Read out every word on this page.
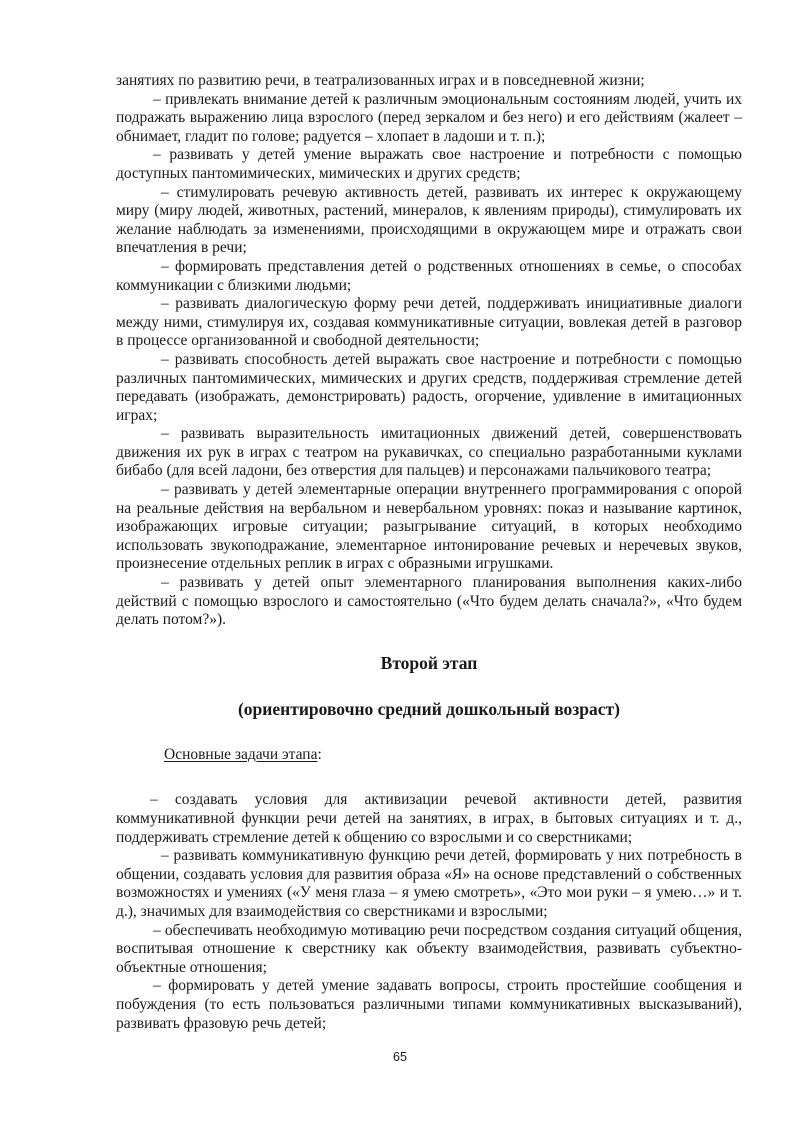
занятиях по развитию речи, в театрализованных играх и в повседневной жизни;

– привлекать внимание детей к различным эмоциональным состояниям людей, учить их подражать выражению лица взрослого (перед зеркалом и без него) и его действиям (жалеет – обнимает, гладит по голове; радуется – хлопает в ладоши и т. п.);

– развивать у детей умение выражать свое настроение и потребности с помощью доступных пантомимических, мимических и других средств;

– стимулировать речевую активность детей, развивать их интерес к окружающему миру (миру людей, животных, растений, минералов, к явлениям природы), стимулировать их желание наблюдать за изменениями, происходящими в окружающем мире и отражать свои впечатления в речи;

– формировать представления детей о родственных отношениях в семье, о способах коммуникации с близкими людьми;

– развивать диалогическую форму речи детей, поддерживать инициативные диалоги между ними, стимулируя их, создавая коммуникативные ситуации, вовлекая детей в разговор в процессе организованной и свободной деятельности;

– развивать способность детей выражать свое настроение и потребности с помощью различных пантомимических, мимических и других средств, поддерживая стремление детей передавать (изображать, демонстрировать) радость, огорчение, удивление в имитационных играх;

– развивать выразительность имитационных движений детей, совершенствовать движения их рук в играх с театром на рукавичках, со специально разработанными куклами бибабо (для всей ладони, без отверстия для пальцев) и персонажами пальчикового театра;

– развивать у детей элементарные операции внутреннего программирования с опорой на реальные действия на вербальном и невербальном уровнях: показ и называние картинок, изображающих игровые ситуации; разыгрывание ситуаций, в которых необходимо использовать звукоподражание, элементарное интонирование речевых и неречевых звуков, произнесение отдельных реплик в играх с образными игрушками.

– развивать у детей опыт элементарного планирования выполнения каких-либо действий с помощью взрослого и самостоятельно («Что будем делать сначала?», «Что будем делать потом?»).

Второй этап

(ориентировочно средний дошкольный возраст)

Основные задачи этапа:

– создавать условия для активизации речевой активности детей, развития коммуникативной функции речи детей на занятиях, в играх, в бытовых ситуациях и т. д., поддерживать стремление детей к общению со взрослыми и со сверстниками;

– развивать коммуникативную функцию речи детей, формировать у них потребность в общении, создавать условия для развития образа «Я» на основе представлений о собственных возможностях и умениях («У меня глаза – я умею смотреть», «Это мои руки – я умею…» и т. д.), значимых для взаимодействия со сверстниками и взрослыми;

– обеспечивать необходимую мотивацию речи посредством создания ситуаций общения, воспитывая отношение к сверстнику как объекту взаимодействия, развивать субъектно-объектные отношения;

– формировать у детей умение задавать вопросы, строить простейшие сообщения и побуждения (то есть пользоваться различными типами коммуникативных высказываний), развивать фразовую речь детей;

65
